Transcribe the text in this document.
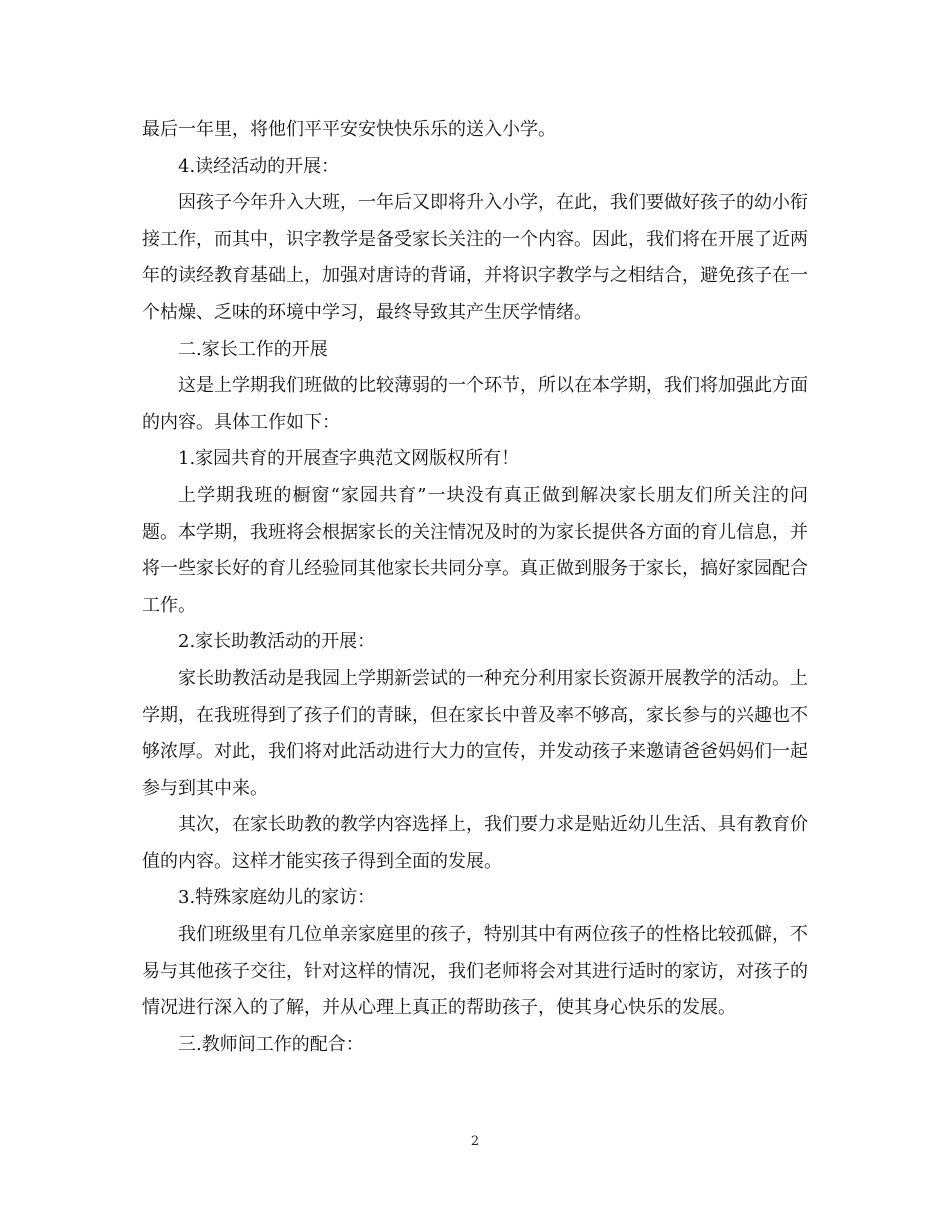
最后一年里，将他们平平安安快快乐乐的送入小学。

4.读经活动的开展：

因孩子今年升入大班，一年后又即将升入小学，在此，我们要做好孩子的幼小衔接工作，而其中，识字教学是备受家长关注的一个内容。因此，我们将在开展了近两年的读经教育基础上，加强对唐诗的背诵，并将识字教学与之相结合，避免孩子在一个枯燥、乏味的环境中学习，最终导致其产生厌学情绪。

二.家长工作的开展

这是上学期我们班做的比较薄弱的一个环节，所以在本学期，我们将加强此方面的内容。具体工作如下：

1.家园共育的开展查字典范文网版权所有！

上学期我班的橱窗“家园共育”一块没有真正做到解决家长朋友们所关注的问题。本学期，我班将会根据家长的关注情况及时的为家长提供各方面的育儿信息，并将一些家长好的育儿经验同其他家长共同分享。真正做到服务于家长，搞好家园配合工作。

2.家长助教活动的开展：

家长助教活动是我园上学期新尝试的一种充分利用家长资源开展教学的活动。上学期，在我班得到了孩子们的青睐，但在家长中普及率不够高，家长参与的兴趣也不够浓厚。对此，我们将对此活动进行大力的宣传，并发动孩子来邀请爸爸妈妈们一起参与到其中来。

其次，在家长助教的教学内容选择上，我们要力求是贴近幼儿生活、具有教育价值的内容。这样才能实孩子得到全面的发展。

3.特殊家庭幼儿的家访：

我们班级里有几位单亲家庭里的孩子，特别其中有两位孩子的性格比较孤僻，不易与其他孩子交往，针对这样的情况，我们老师将会对其进行适时的家访，对孩子的情况进行深入的了解，并从心理上真正的帮助孩子，使其身心快乐的发展。

三.教师间工作的配合：

2
